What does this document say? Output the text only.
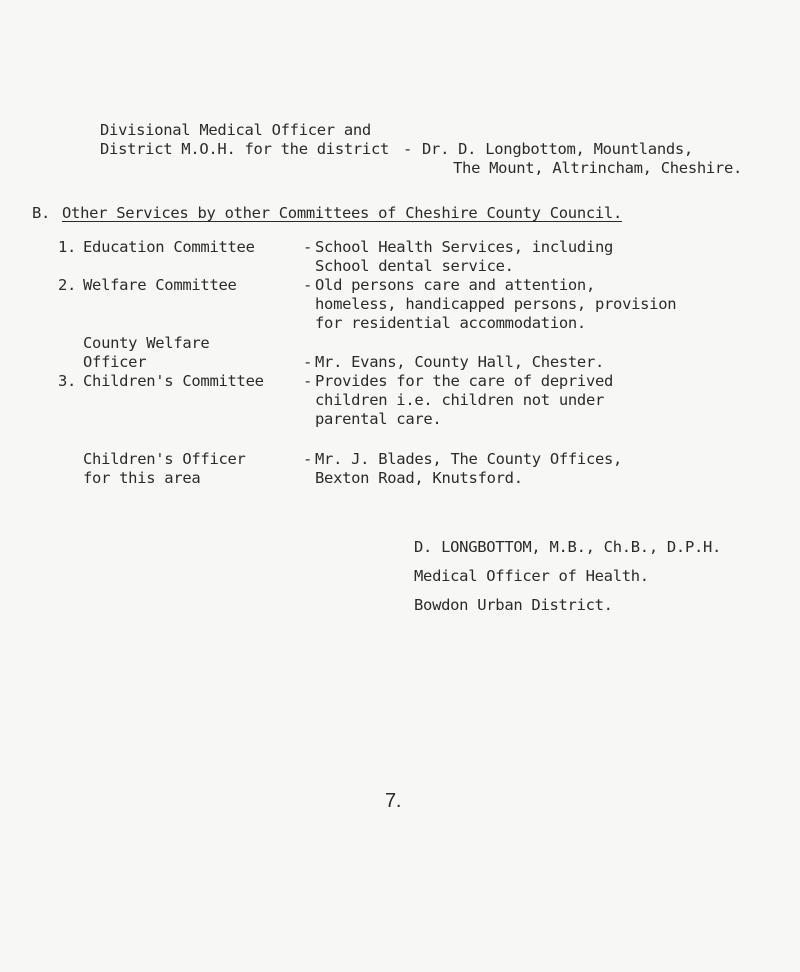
Divisional Medical Officer and
District M.O.H. for the district - Dr. D. Longbottom, Mountlands,
The Mount, Altrincham, Cheshire.
B. Other Services by other Committees of Cheshire County Council.
1. Education Committee	- School Health Services, including
School dental service.
2. Welfare Committee	- Old persons care and attention,
homeless, handicapped persons, provision
for residential accommodation.
County Welfare
Officer	- Mr. Evans, County Hall, Chester.
3. Children's Committee	- Provides for the care of deprived
children i.e. children not under
parental care.
Children's Officer
for this area
- Mr. J. Blades, The County Offices,
Bexton Road, Knutsford.
D. LONGBOTTOM, M.B., Ch.B., D.P.H.
Medical Officer of Health.
Bowdon Urban District.
7.
